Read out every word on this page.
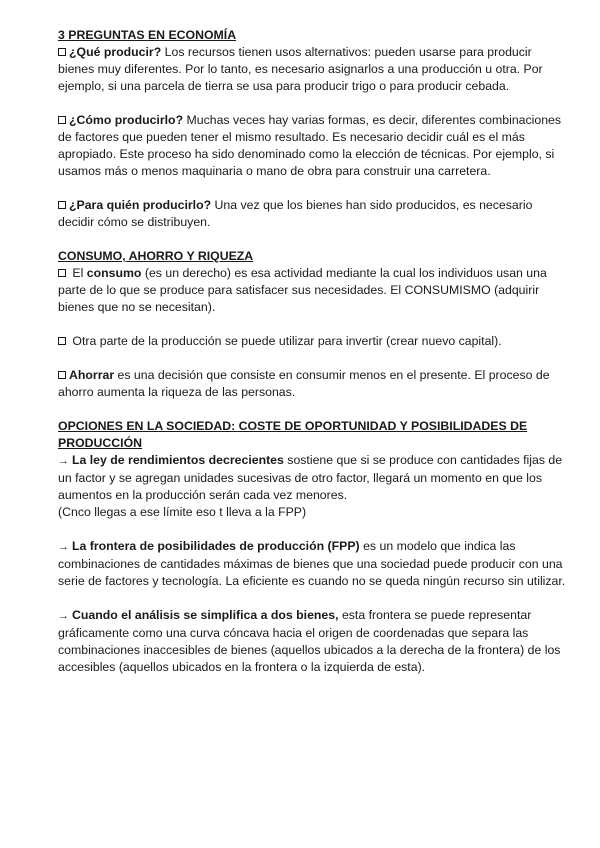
3 PREGUNTAS EN ECONOMÍA

¿Qué producir? Los recursos tienen usos alternativos: pueden usarse para producir bienes muy diferentes. Por lo tanto, es necesario asignarlos a una producción u otra. Por ejemplo, si una parcela de tierra se usa para producir trigo o para producir cebada.

¿Cómo producirlo? Muchas veces hay varias formas, es decir, diferentes combinaciones de factores que pueden tener el mismo resultado. Es necesario decidir cuál es el más apropiado. Este proceso ha sido denominado como la elección de técnicas. Por ejemplo, si usamos más o menos maquinaria o mano de obra para construir una carretera.

¿Para quién producirlo? Una vez que los bienes han sido producidos, es necesario decidir cómo se distribuyen.

CONSUMO, AHORRO Y RIQUEZA

El consumo (es un derecho) es esa actividad mediante la cual los individuos usan una parte de lo que se produce para satisfacer sus necesidades. El CONSUMISMO (adquirir bienes que no se necesitan).

Otra parte de la producción se puede utilizar para invertir (crear nuevo capital).

Ahorrar es una decisión que consiste en consumir menos en el presente. El proceso de ahorro aumenta la riqueza de las personas.

OPCIONES EN LA SOCIEDAD: COSTE DE OPORTUNIDAD Y POSIBILIDADES DE PRODUCCIÓN

→ La ley de rendimientos decrecientes sostiene que si se produce con cantidades fijas de un factor y se agregan unidades sucesivas de otro factor, llegará un momento en que los aumentos en la producción serán cada vez menores.

(Cnco llegas a ese límite eso t lleva a la FPP)

→ La frontera de posibilidades de producción (FPP) es un modelo que indica las combinaciones de cantidades máximas de bienes que una sociedad puede producir con una serie de factores y tecnología. La eficiente es cuando no se queda ningún recurso sin utilizar.

→ Cuando el análisis se simplifica a dos bienes, esta frontera se puede representar gráficamente como una curva cóncava hacia el origen de coordenadas que separa las combinaciones inaccesibles de bienes (aquellos ubicados a la derecha de la frontera) de los accesibles (aquellos ubicados en la frontera o la izquierda de esta).
